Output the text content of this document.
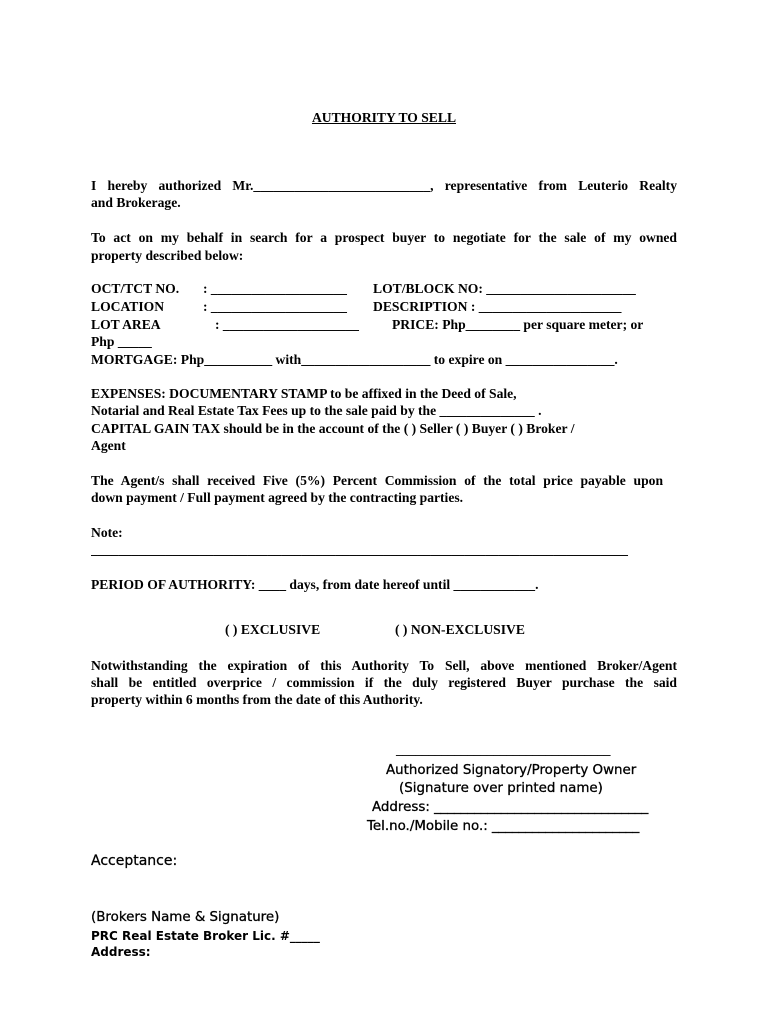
AUTHORITY TO SELL
I hereby authorized Mr.__________________________, representative from Leuterio Realty
and Brokerage.
To act on my behalf in search for a prospect buyer to negotiate for the sale of my owned
property described below:
OCT/TCT NO. : ____________________ LOT/BLOCK NO: ______________________
LOCATION	: ____________________ DESCRIPTION : _____________________
LOT AREA	: ____________________ PRICE: Php________ per square meter; or
Php _____
MORTGAGE: Php__________ with___________________ to expire on ________________.
EXPENSES: DOCUMENTARY STAMP to be affixed in the Deed of Sale,
Notarial and Real Estate Tax Fees up to the sale paid by the ______________ .
CAPITAL GAIN TAX should be in the account of the ( ) Seller ( ) Buyer ( ) Broker /
Agent
The Agent/s shall received Five (5%) Percent Commission of the total price payable upon
down payment / Full payment agreed by the contracting parties.
Note:
_______________________________________________________________________________
PERIOD OF AUTHORITY: ____ days, from date hereof until ____________.
( ) EXCLUSIVE	( ) NON-EXCLUSIVE
Notwithstanding the expiration of this Authority To Sell, above mentioned Broker/Agent
shall be entitled overprice / commission if the duly registered Buyer purchase the said
property within 6 months from the date of this Authority.
_________________________________
Authorized Signatory/Property Owner
(Signature over printed name)
Address: ________________________________
Tel.no./Mobile no.: ______________________
Acceptance:
(Brokers Name & Signature)
PRC Real Estate Broker Lic. #_____
Address:
